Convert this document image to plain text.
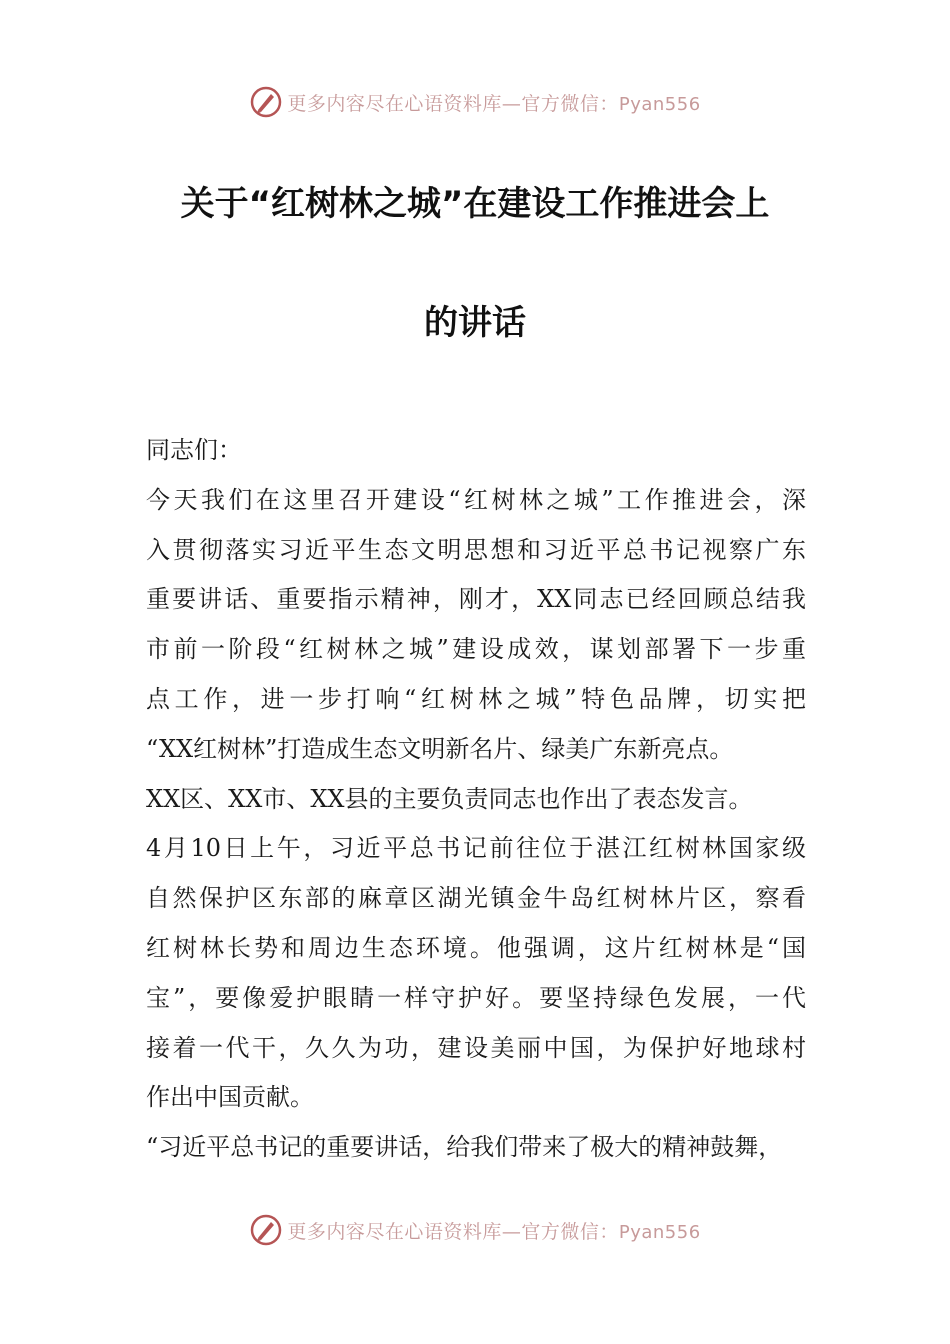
更多内容尽在心语资料库—官方微信：Pyan556
关于“红树林之城”在建设工作推进会上
的讲话
同志们：
今天我们在这里召开建设“红树林之城”工作推进会，深
入贯彻落实习近平生态文明思想和习近平总书记视察广东
重要讲话、重要指示精神，刚才，XX同志已经回顾总结我
市前一阶段“红树林之城”建设成效，谋划部署下一步重
点工作，进一步打响“红树林之城”特色品牌，切实把
“XX红树林”打造成生态文明新名片、绿美广东新亮点。
XX区、XX市、XX县的主要负责同志也作出了表态发言。
4月10日上午，习近平总书记前往位于湛江红树林国家级
自然保护区东部的麻章区湖光镇金牛岛红树林片区，察看
红树林长势和周边生态环境。他强调，这片红树林是“国
宝”，要像爱护眼睛一样守护好。要坚持绿色发展，一代
接着一代干，久久为功，建设美丽中国，为保护好地球村
作出中国贡献。
“习近平总书记的重要讲话，给我们带来了极大的精神鼓舞，
更多内容尽在心语资料库—官方微信：Pyan556
